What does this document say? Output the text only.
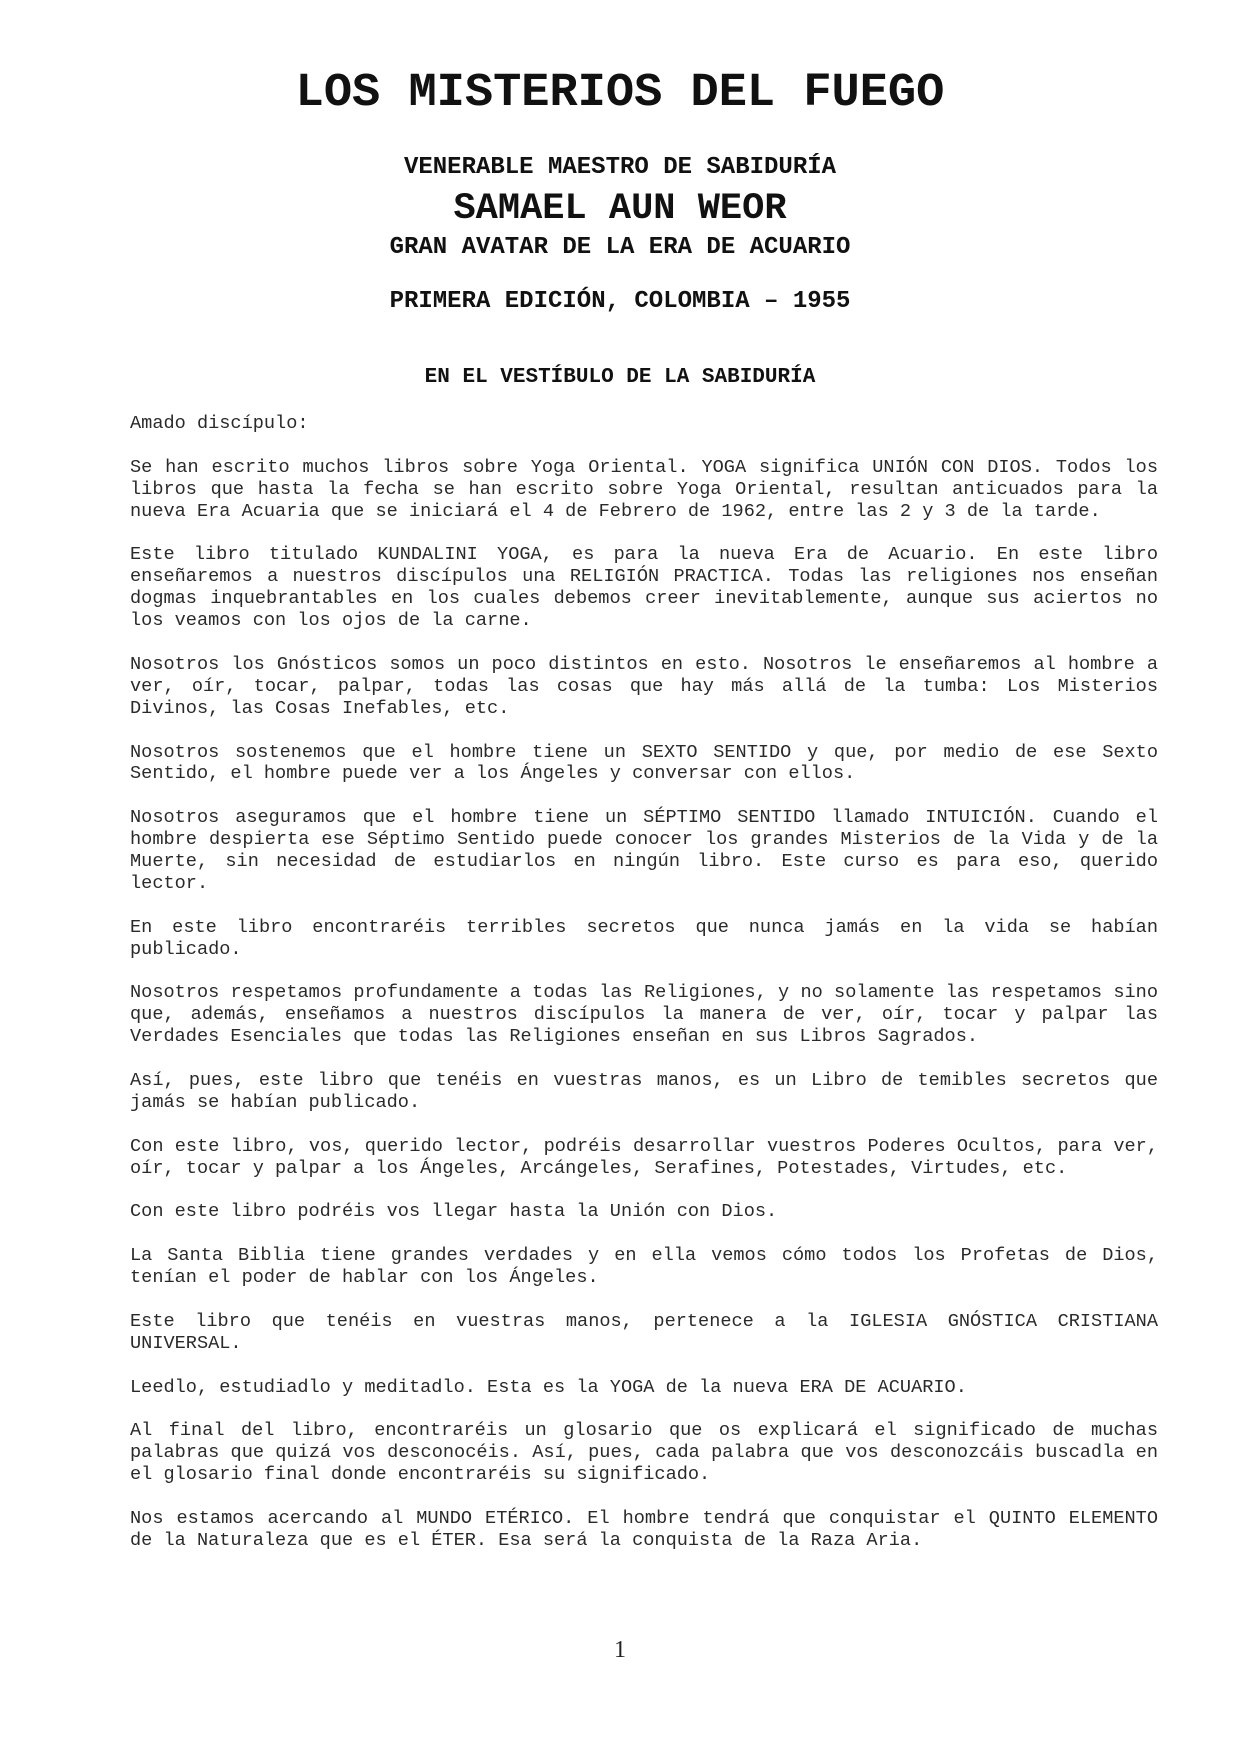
LOS MISTERIOS DEL FUEGO
VENERABLE MAESTRO DE SABIDURÍA
SAMAEL AUN WEOR
GRAN AVATAR DE LA ERA DE ACUARIO
PRIMERA EDICIÓN, COLOMBIA – 1955
EN EL VESTÍBULO DE LA SABIDURÍA

Amado discípulo:

Se han escrito muchos libros sobre Yoga Oriental. YOGA significa UNIÓN CON DIOS. Todos los libros que hasta la fecha se han escrito sobre Yoga Oriental, resultan anticuados para la nueva Era Acuaria que se iniciará el 4 de Febrero de 1962, entre las 2 y 3 de la tarde.

Este libro titulado KUNDALINI YOGA, es para la nueva Era de Acuario. En este libro enseñaremos a nuestros discípulos una RELIGIÓN PRACTICA. Todas las religiones nos enseñan dogmas inquebrantables en los cuales debemos creer inevitablemente, aunque sus aciertos no los veamos con los ojos de la carne.

Nosotros los Gnósticos somos un poco distintos en esto. Nosotros le enseñaremos al hombre a ver, oír, tocar, palpar, todas las cosas que hay más allá de la tumba: Los Misterios Divinos, las Cosas Inefables, etc.

Nosotros sostenemos que el hombre tiene un SEXTO SENTIDO y que, por medio de ese Sexto Sentido, el hombre puede ver a los Ángeles y conversar con ellos.

Nosotros aseguramos que el hombre tiene un SÉPTIMO SENTIDO llamado INTUICIÓN. Cuando el hombre despierta ese Séptimo Sentido puede conocer los grandes Misterios de la Vida y de la Muerte, sin necesidad de estudiarlos en ningún libro. Este curso es para eso, querido lector.

En este libro encontraréis terribles secretos que nunca jamás en la vida se habían publicado.

Nosotros respetamos profundamente a todas las Religiones, y no solamente las respetamos sino que, además, enseñamos a nuestros discípulos la manera de ver, oír, tocar y palpar las Verdades Esenciales que todas las Religiones enseñan en sus Libros Sagrados.

Así, pues, este libro que tenéis en vuestras manos, es un Libro de temibles secretos que jamás se habían publicado.

Con este libro, vos, querido lector, podréis desarrollar vuestros Poderes Ocultos, para ver, oír, tocar y palpar a los Ángeles, Arcángeles, Serafines, Potestades, Virtudes, etc.

Con este libro podréis vos llegar hasta la Unión con Dios.

La Santa Biblia tiene grandes verdades y en ella vemos cómo todos los Profetas de Dios, tenían el poder de hablar con los Ángeles.

Este libro que tenéis en vuestras manos, pertenece a la IGLESIA GNÓSTICA CRISTIANA UNIVERSAL.

Leedlo, estudiadlo y meditadlo. Esta es la YOGA de la nueva ERA DE ACUARIO.

Al final del libro, encontraréis un glosario que os explicará el significado de muchas palabras que quizá vos desconocéis. Así, pues, cada palabra que vos desconozcáis buscadla en el glosario final donde encontraréis su significado.

Nos estamos acercando al MUNDO ETÉRICO. El hombre tendrá que conquistar el QUINTO ELEMENTO de la Naturaleza que es el ÉTER. Esa será la conquista de la Raza Aria.

1
